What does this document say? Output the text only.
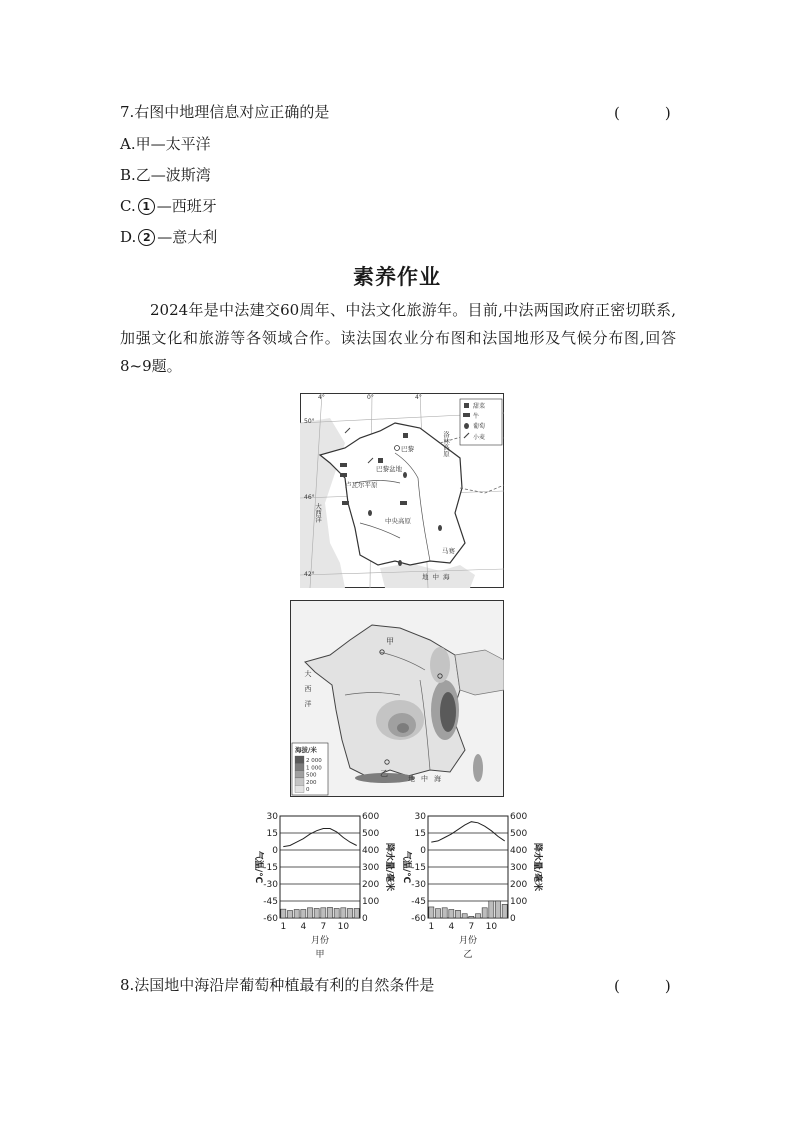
7.右图中地理信息对应正确的是	(　　　)
A.甲—太平洋
B.乙—波斯湾
C. 1 —西班牙
D. 2 —意大利
素养作业
2024年是中法建交60周年、中法文化旅游年。目前,中法两国政府正密切联系,加强文化和旅游等各领域合作。读法国农业分布图和法国地形及气候分布图,回答8~9题。
4°	0°	4°
50°
46°
42°
甜菜
牛
葡萄
小麦
巴黎
巴黎盆地
卢瓦尔平原
中央高原
马赛
洛林高原
大西洋
地中海
甲
乙
大西洋
地中海
海拔/米
2 000
1 000
500
200
0
30
15
0
-15
-30
-45
-60
600
500
400
300
200
100
0
1 4 7 10
月份
气温/℃	降水量/毫米
甲
30
15
0
-15
-30
-45
-60
600
500
400
300
200
100
0
1 4 7 10
月份
气温/℃	降水量/毫米
乙
8.法国地中海沿岸葡萄种植最有利的自然条件是	(　　　)
